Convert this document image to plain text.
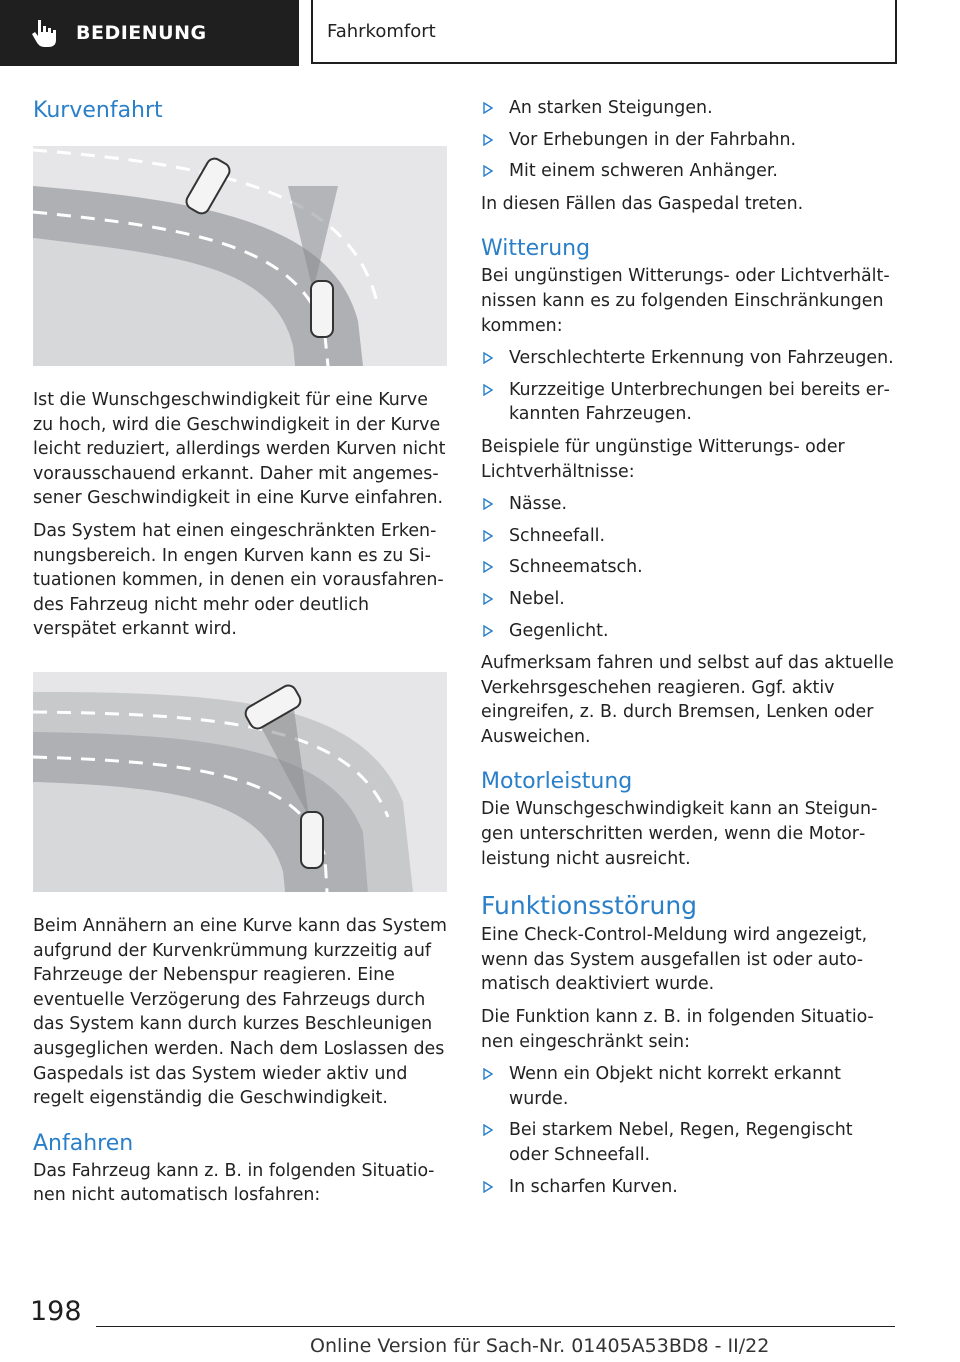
BEDIENUNG	Fahrkomfort
Kurvenfahrt

Ist die Wunschgeschwindigkeit für eine Kurve zu hoch, wird die Geschwindigkeit in der Kurve leicht reduziert, allerdings werden Kurven nicht vorausschauend erkannt. Daher mit angemessener Geschwindigkeit in eine Kurve einfahren.

Das System hat einen eingeschränkten Erkennungsbereich. In engen Kurven kann es zu Situationen kommen, in denen ein vorausfahrendes Fahrzeug nicht mehr oder deutlich verspätet erkannt wird.

Beim Annähern an eine Kurve kann das System aufgrund der Kurvenkrümmung kurzzeitig auf Fahrzeuge der Nebenspur reagieren. Eine eventuelle Verzögerung des Fahrzeugs durch das System kann durch kurzes Beschleunigen ausgeglichen werden. Nach dem Loslassen des Gaspedals ist das System wieder aktiv und regelt eigenständig die Geschwindigkeit.

Anfahren

Das Fahrzeug kann z. B. in folgenden Situationen nicht automatisch losfahren:

An starken Steigungen.
Vor Erhebungen in der Fahrbahn.
Mit einem schweren Anhänger.

In diesen Fällen das Gaspedal treten.

Witterung

Bei ungünstigen Witterungs- oder Lichtverhältnissen kann es zu folgenden Einschränkungen kommen:

Verschlechterte Erkennung von Fahrzeugen.
Kurzzeitige Unterbrechungen bei bereits erkannten Fahrzeugen.

Beispiele für ungünstige Witterungs- oder Lichtverhältnisse:

Nässe.
Schneefall.
Schneematsch.
Nebel.
Gegenlicht.

Aufmerksam fahren und selbst auf das aktuelle Verkehrsgeschehen reagieren. Ggf. aktiv eingreifen, z. B. durch Bremsen, Lenken oder Ausweichen.

Motorleistung

Die Wunschgeschwindigkeit kann an Steigungen unterschritten werden, wenn die Motorleistung nicht ausreicht.

Funktionsstörung

Eine Check-Control-Meldung wird angezeigt, wenn das System ausgefallen ist oder automatisch deaktiviert wurde.

Die Funktion kann z. B. in folgenden Situationen eingeschränkt sein:

Wenn ein Objekt nicht korrekt erkannt wurde.
Bei starkem Nebel, Regen, Regengischt oder Schneefall.
In scharfen Kurven.
198
Online Version für Sach-Nr. 01405A53BD8 - II/22
